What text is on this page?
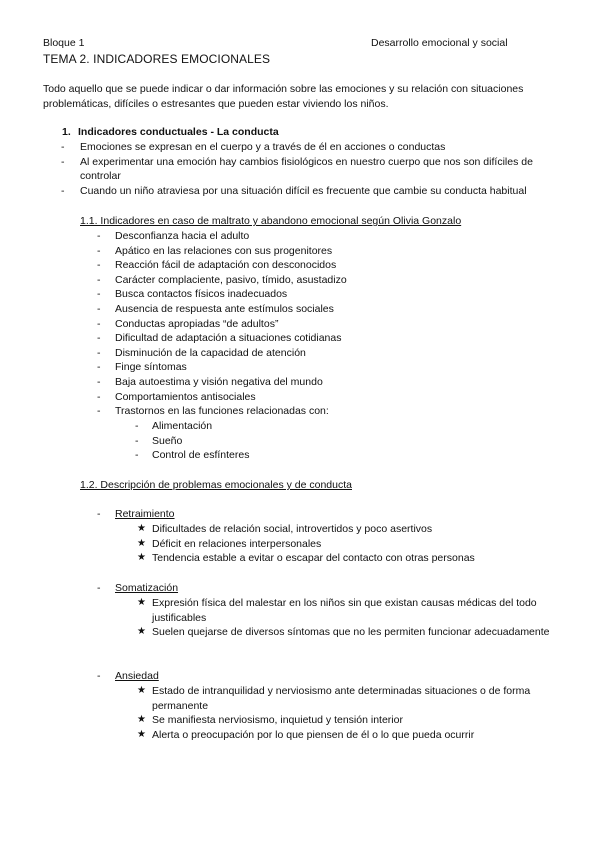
Bloque 1	Desarrollo emocional y social
TEMA 2. INDICADORES EMOCIONALES
Todo aquello que se puede indicar o dar información sobre las emociones y su relación con situaciones problemáticas, difíciles o estresantes que pueden estar viviendo los niños.
1. Indicadores conductuales - La conducta
- Emociones se expresan en el cuerpo y a través de él en acciones o conductas
- Al experimentar una emoción hay cambios fisiológicos en nuestro cuerpo que nos son difíciles de controlar
- Cuando un niño atraviesa por una situación difícil es frecuente que cambie su conducta habitual
1.1. Indicadores en caso de maltrato y abandono emocional según Olivia Gonzalo
- Desconfianza hacia el adulto
- Apático en las relaciones con sus progenitores
- Reacción fácil de adaptación con desconocidos
- Carácter complaciente, pasivo, tímido, asustadizo
- Busca contactos físicos inadecuados
- Ausencia de respuesta ante estímulos sociales
- Conductas apropiadas “de adultos”
- Dificultad de adaptación a situaciones cotidianas
- Disminución de la capacidad de atención
- Finge síntomas
- Baja autoestima y visión negativa del mundo
- Comportamientos antisociales
- Trastornos en las funciones relacionadas con:
- Alimentación
- Sueño
- Control de esfínteres
1.2. Descripción de problemas emocionales y de conducta
- Retraimiento
★ Dificultades de relación social, introvertidos y poco asertivos
★ Déficit en relaciones interpersonales
★ Tendencia estable a evitar o escapar del contacto con otras personas
- Somatización
★ Expresión física del malestar en los niños sin que existan causas médicas del todo justificables
★ Suelen quejarse de diversos síntomas que no les permiten funcionar adecuadamente
- Ansiedad
★ Estado de intranquilidad y nerviosismo ante determinadas situaciones o de forma permanente
★ Se manifiesta nerviosismo, inquietud y tensión interior
★ Alerta o preocupación por lo que piensen de él o lo que pueda ocurrir
